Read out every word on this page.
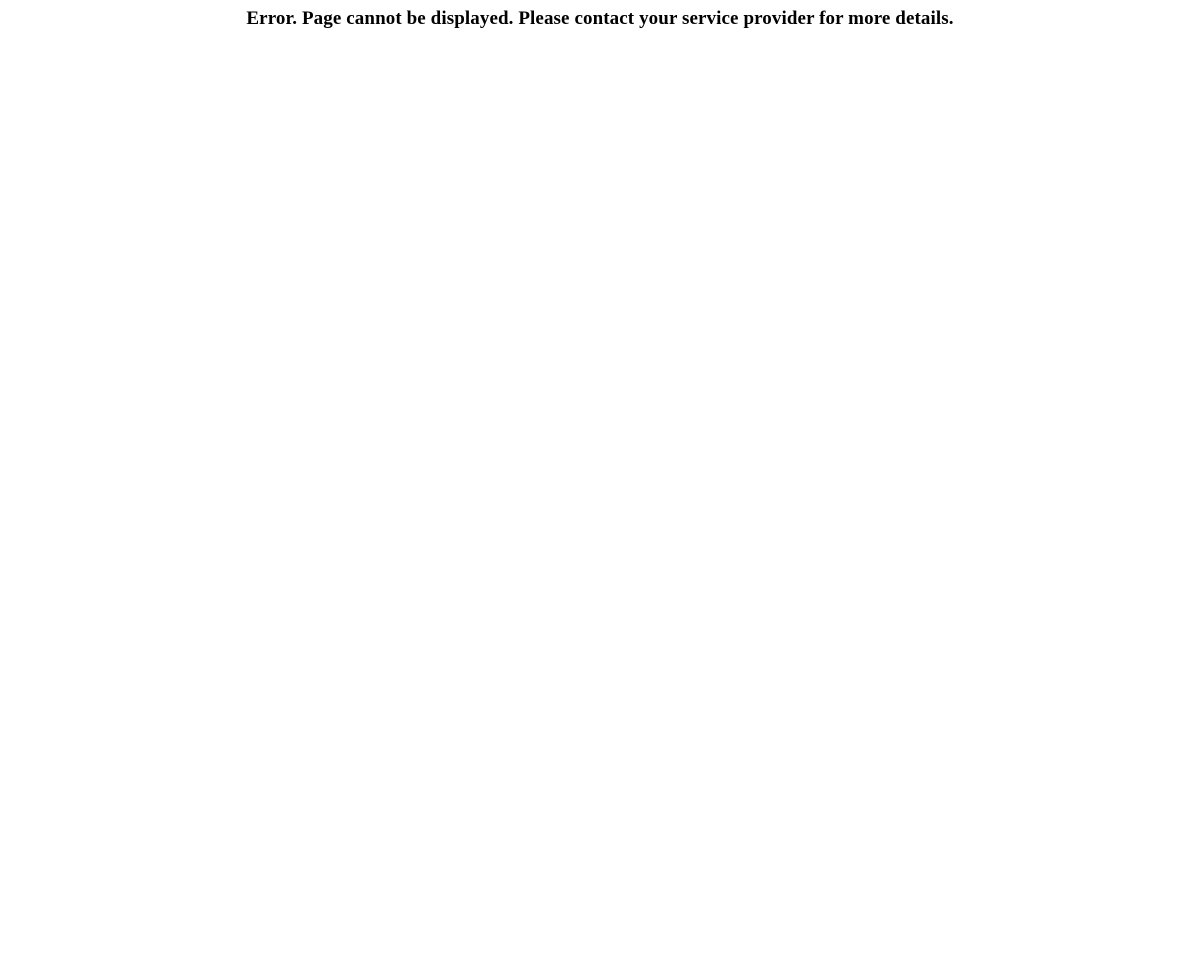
Error. Page cannot be displayed. Please contact your service provider for more details.
